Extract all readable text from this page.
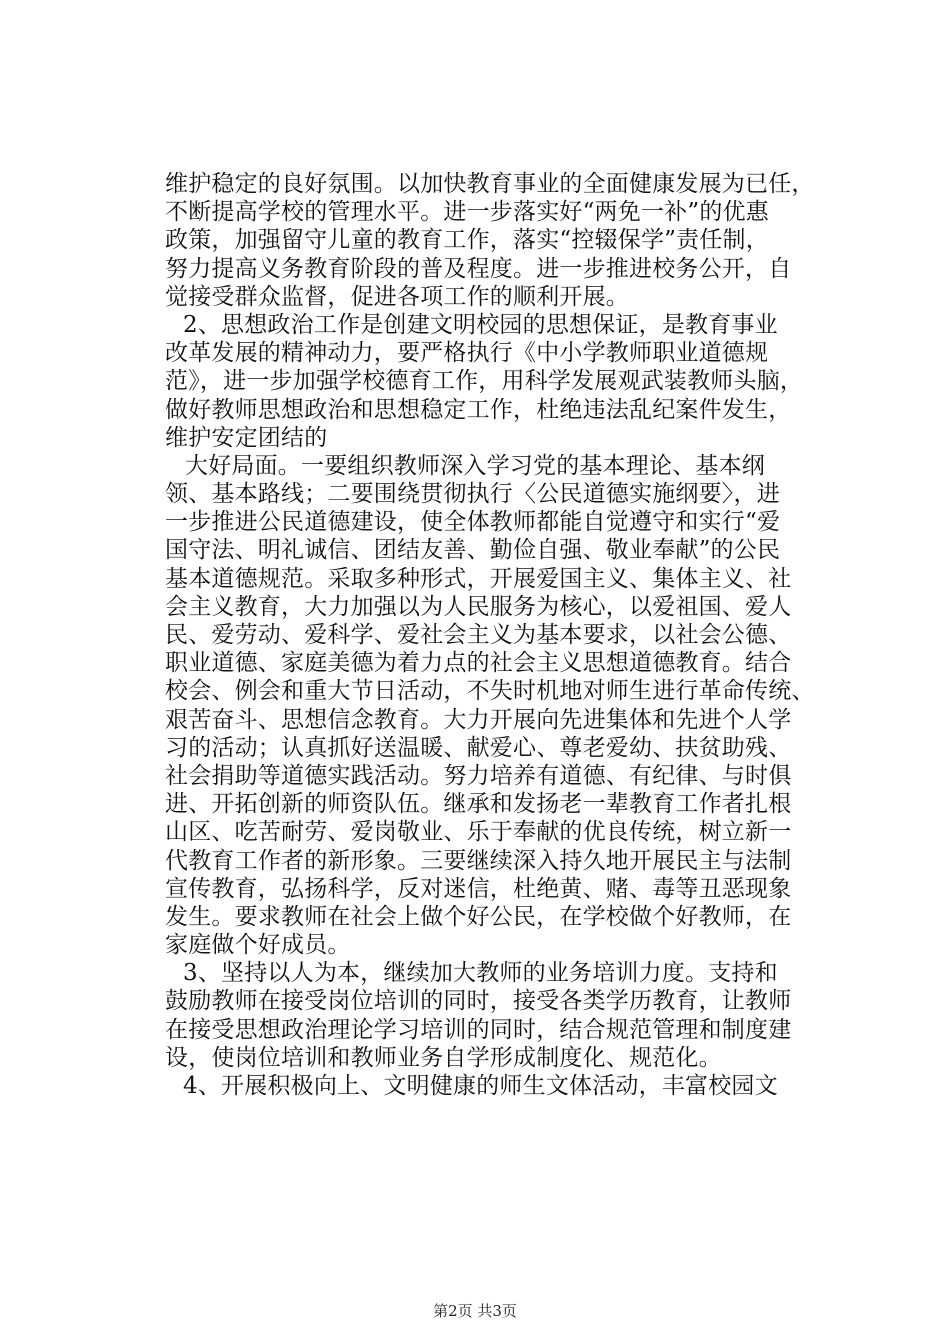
维护稳定的良好氛围。以加快教育事业的全面健康发展为已任，
不断提高学校的管理水平。进一步落实好“两免一补”的优惠
政策，加强留守儿童的教育工作，落实“控辍保学”责任制，
努力提高义务教育阶段的普及程度。进一步推进校务公开，自
觉接受群众监督，促进各项工作的顺利开展。
2、思想政治工作是创建文明校园的思想保证，是教育事业
改革发展的精神动力，要严格执行《中小学教师职业道德规
范》，进一步加强学校德育工作，用科学发展观武装教师头脑，
做好教师思想政治和思想稳定工作，杜绝违法乱纪案件发生，
维护安定团结的
大好局面。一要组织教师深入学习党的基本理论、基本纲
领、基本路线；二要围绕贯彻执行〈公民道德实施纲要〉，进
一步推进公民道德建设，使全体教师都能自觉遵守和实行“爱
国守法、明礼诚信、团结友善、勤俭自强、敬业奉献”的公民
基本道德规范。采取多种形式，开展爱国主义、集体主义、社
会主义教育，大力加强以为人民服务为核心，以爱祖国、爱人
民、爱劳动、爱科学、爱社会主义为基本要求，以社会公德、
职业道德、家庭美德为着力点的社会主义思想道德教育。结合
校会、例会和重大节日活动，不失时机地对师生进行革命传统、
艰苦奋斗、思想信念教育。大力开展向先进集体和先进个人学
习的活动；认真抓好送温暖、献爱心、尊老爱幼、扶贫助残、
社会捐助等道德实践活动。努力培养有道德、有纪律、与时俱
进、开拓创新的师资队伍。继承和发扬老一辈教育工作者扎根
山区、吃苦耐劳、爱岗敬业、乐于奉献的优良传统，树立新一
代教育工作者的新形象。三要继续深入持久地开展民主与法制
宣传教育，弘扬科学，反对迷信，杜绝黄、赌、毒等丑恶现象
发生。要求教师在社会上做个好公民，在学校做个好教师，在
家庭做个好成员。
3、坚持以人为本，继续加大教师的业务培训力度。支持和
鼓励教师在接受岗位培训的同时，接受各类学历教育，让教师
在接受思想政治理论学习培训的同时，结合规范管理和制度建
设，使岗位培训和教师业务自学形成制度化、规范化。
4、开展积极向上、文明健康的师生文体活动，丰富校园文
第2页 共3页
